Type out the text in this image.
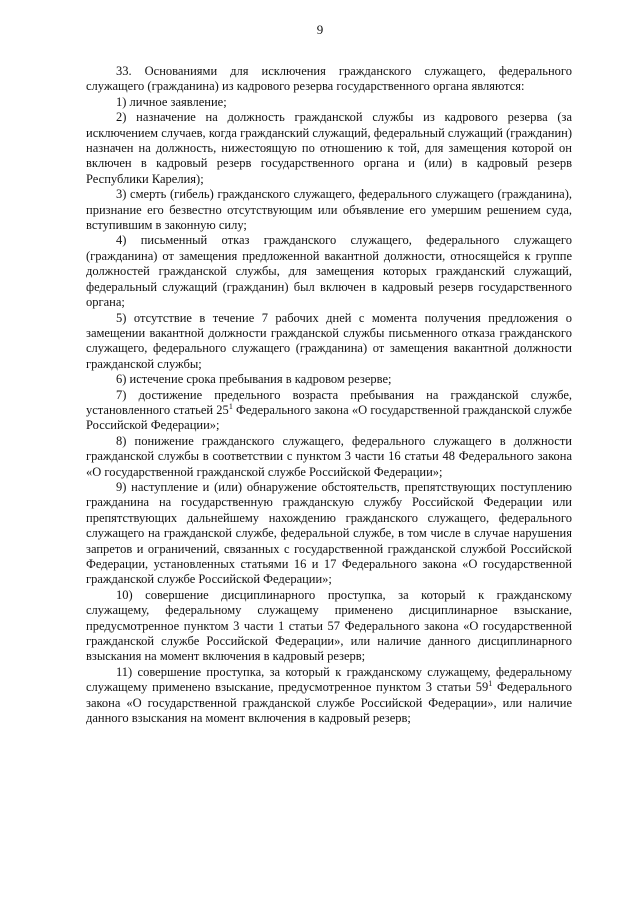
9

33. Основаниями для исключения гражданского служащего, федерального служащего (гражданина) из кадрового резерва государственного органа являются:

1) личное заявление;

2) назначение на должность гражданской службы из кадрового резерва (за исключением случаев, когда гражданский служащий, федеральный служащий (гражданин) назначен на должность, нижестоящую по отношению к той, для замещения которой он включен в кадровый резерв государственного органа и (или) в кадровый резерв Республики Карелия);

3) смерть (гибель) гражданского служащего, федерального служащего (гражданина), признание его безвестно отсутствующим или объявление его умершим решением суда, вступившим в законную силу;

4) письменный отказ гражданского служащего, федерального служащего (гражданина) от замещения предложенной вакантной должности, относящейся к группе должностей гражданской службы, для замещения которых гражданский служащий, федеральный служащий (гражданин) был включен в кадровый резерв государственного органа;

5) отсутствие в течение 7 рабочих дней с момента получения предложения о замещении вакантной должности гражданской службы письменного отказа гражданского служащего, федерального служащего (гражданина) от замещения вакантной должности гражданской службы;

6) истечение срока пребывания в кадровом резерве;

7) достижение предельного возраста пребывания на гражданской службе, установленного статьей $25^1$ Федерального закона «О государственной гражданской службе Российской Федерации»;

8) понижение гражданского служащего, федерального служащего в должности гражданской службы в соответствии с пунктом 3 части 16 статьи 48 Федерального закона «О государственной гражданской службе Российской Федерации»;

9) наступление и (или) обнаружение обстоятельств, препятствующих поступлению гражданина на государственную гражданскую службу Российской Федерации или препятствующих дальнейшему нахождению гражданского служащего, федерального служащего на гражданской службе, федеральной службе, в том числе в случае нарушения запретов и ограничений, связанных с государственной гражданской службой Российской Федерации, установленных статьями 16 и 17 Федерального закона «О государственной гражданской службе Российской Федерации»;

10) совершение дисциплинарного проступка, за который к гражданскому служащему, федеральному служащему применено дисциплинарное взыскание, предусмотренное пунктом 3 части 1 статьи 57 Федерального закона «О государственной гражданской службе Российской Федерации», или наличие данного дисциплинарного взыскания на момент включения в кадровый резерв;

11) совершение проступка, за который к гражданскому служащему, федеральному служащему применено взыскание, предусмотренное пунктом 3 статьи $59^1$ Федерального закона «О государственной гражданской службе Российской Федерации», или наличие данного взыскания на момент включения в кадровый резерв;
